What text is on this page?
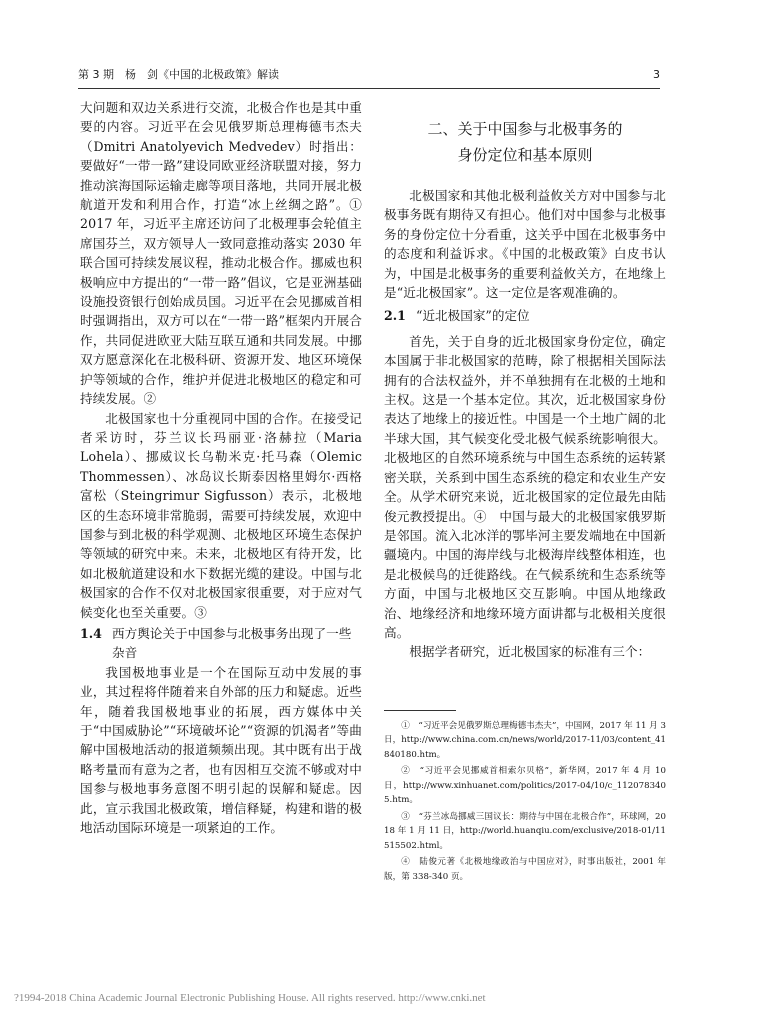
第 3 期　杨　剑《中国的北极政策》解读	3

大问题和双边关系进行交流，北极合作也是其中重要的内容。习近平在会见俄罗斯总理梅德韦杰夫（Dmitri Anatolyevich Medvedev）时指出：要做好“一带一路”建设同欧亚经济联盟对接，努力推动滨海国际运输走廊等项目落地，共同开展北极航道开发和利用合作，打造“冰上丝绸之路”。①　2017 年，习近平主席还访问了北极理事会轮值主席国芬兰，双方领导人一致同意推动落实 2030 年联合国可持续发展议程，推动北极合作。挪威也积极响应中方提出的“一带一路”倡议，它是亚洲基础设施投资银行创始成员国。习近平在会见挪威首相时强调指出，双方可以在“一带一路”框架内开展合作，共同促进欧亚大陆互联互通和共同发展。中挪双方愿意深化在北极科研、资源开发、地区环境保护等领域的合作，维护并促进北极地区的稳定和可持续发展。②

北极国家也十分重视同中国的合作。在接受记者采访时，芬兰议长玛丽亚·洛赫拉（Maria Lohela）、挪威议长乌勒米克·托马森（Olemic Thommessen）、冰岛议长斯泰因格里姆尔·西格富松（Steingrimur Sigfusson）表示，北极地区的生态环境非常脆弱，需要可持续发展，欢迎中国参与到北极的科学观测、北极地区环境生态保护等领域的研究中来。未来，北极地区有待开发，比如北极航道建设和水下数据光缆的建设。中国与北极国家的合作不仅对北极国家很重要，对于应对气候变化也至关重要。③

1.4 西方舆论关于中国参与北极事务出现了一些杂音

我国极地事业是一个在国际互动中发展的事业，其过程将伴随着来自外部的压力和疑虑。近些年，随着我国极地事业的拓展，西方媒体中关于“中国威胁论”“环境破坏论”“资源的饥渴者”等曲解中国极地活动的报道频频出现。其中既有出于战略考量而有意为之者，也有因相互交流不够或对中国参与极地事务意图不明引起的误解和疑虑。因此，宣示我国北极政策，增信释疑，构建和谐的极地活动国际环境是一项紧迫的工作。

二、关于中国参与北极事务的
身份定位和基本原则

北极国家和其他北极利益攸关方对中国参与北极事务既有期待又有担心。他们对中国参与北极事务的身份定位十分看重，这关乎中国在北极事务中的态度和利益诉求。《中国的北极政策》白皮书认为，中国是北极事务的重要利益攸关方，在地缘上是“近北极国家”。这一定位是客观准确的。

2.1 “近北极国家”的定位

首先，关于自身的近北极国家身份定位，确定本国属于非北极国家的范畴，除了根据相关国际法拥有的合法权益外，并不单独拥有在北极的土地和主权。这是一个基本定位。其次，近北极国家身份表达了地缘上的接近性。中国是一个土地广阔的北半球大国，其气候变化受北极气候系统影响很大。北极地区的自然环境系统与中国生态系统的运转紧密关联，关系到中国生态系统的稳定和农业生产安全。从学术研究来说，近北极国家的定位最先由陆俊元教授提出。④　中国与最大的北极国家俄罗斯是邻国。流入北冰洋的鄂毕河主要发端地在中国新疆境内。中国的海岸线与北极海岸线整体相连，也是北极候鸟的迁徙路线。在气候系统和生态系统等方面，中国与北极地区交互影响。中国从地缘政治、地缘经济和地缘环境方面讲都与北极相关度很高。

根据学者研究，近北极国家的标准有三个：

①　“习近平会见俄罗斯总理梅德韦杰夫”，中国网，2017 年 11 月 3 日，http://www.china.com.cn/news/world/2017-11/03/content_41840180.htm。

②　“习近平会见挪威首相索尔贝格”，新华网，2017 年 4 月 10 日，http://www.xinhuanet.com/politics/2017-04/10/c_1120783405.htm。

③　“芬兰冰岛挪威三国议长：期待与中国在北极合作”，环球网，2018 年 1 月 11 日，http://world.huanqiu.com/exclusive/2018-01/11515502.html。

④　陆俊元著《北极地缘政治与中国应对》，时事出版社，2001 年版，第 338-340 页。

?1994-2018 China Academic Journal Electronic Publishing House. All rights reserved. http://www.cnki.net
